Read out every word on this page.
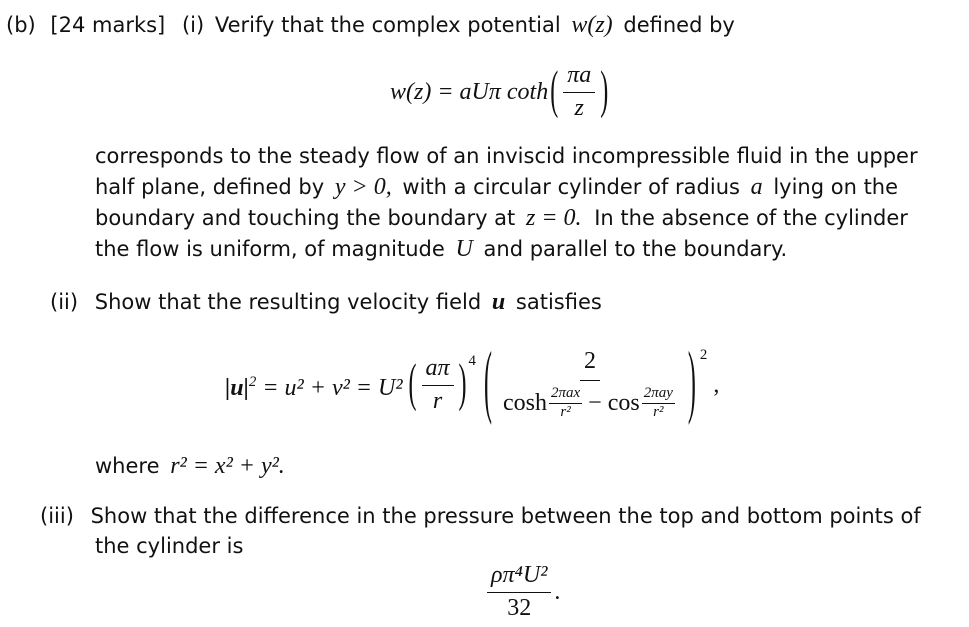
(b) [24 marks] (i) Verify that the complex potential w(z) defined by
w(z) = aUπ coth ( $\frac{\pi a}{z}$ )
corresponds to the steady flow of an inviscid incompressible fluid in the upper
half plane, defined by y > 0, with a circular cylinder of radius a lying on the
boundary and touching the boundary at z = 0. In the absence of the cylinder
the flow is uniform, of magnitude U and parallel to the boundary.
(ii) Show that the resulting velocity field u satisfies
$|u|^2 = u^2 + v^2 = U^2$ ( $\frac{a\pi}{r} )^4$ (	2
$\cosh \frac{\text{2πax}}{\text{r²}} - \cos \frac{\text{2πay}}{\text{r²}}$ ) $^2$
,
where r² = x² + y².
(iii) Show that the difference in the pressure between the top and bottom points of
the cylinder is
$\frac{\text{ρπ⁴U²}}{32}$ .
